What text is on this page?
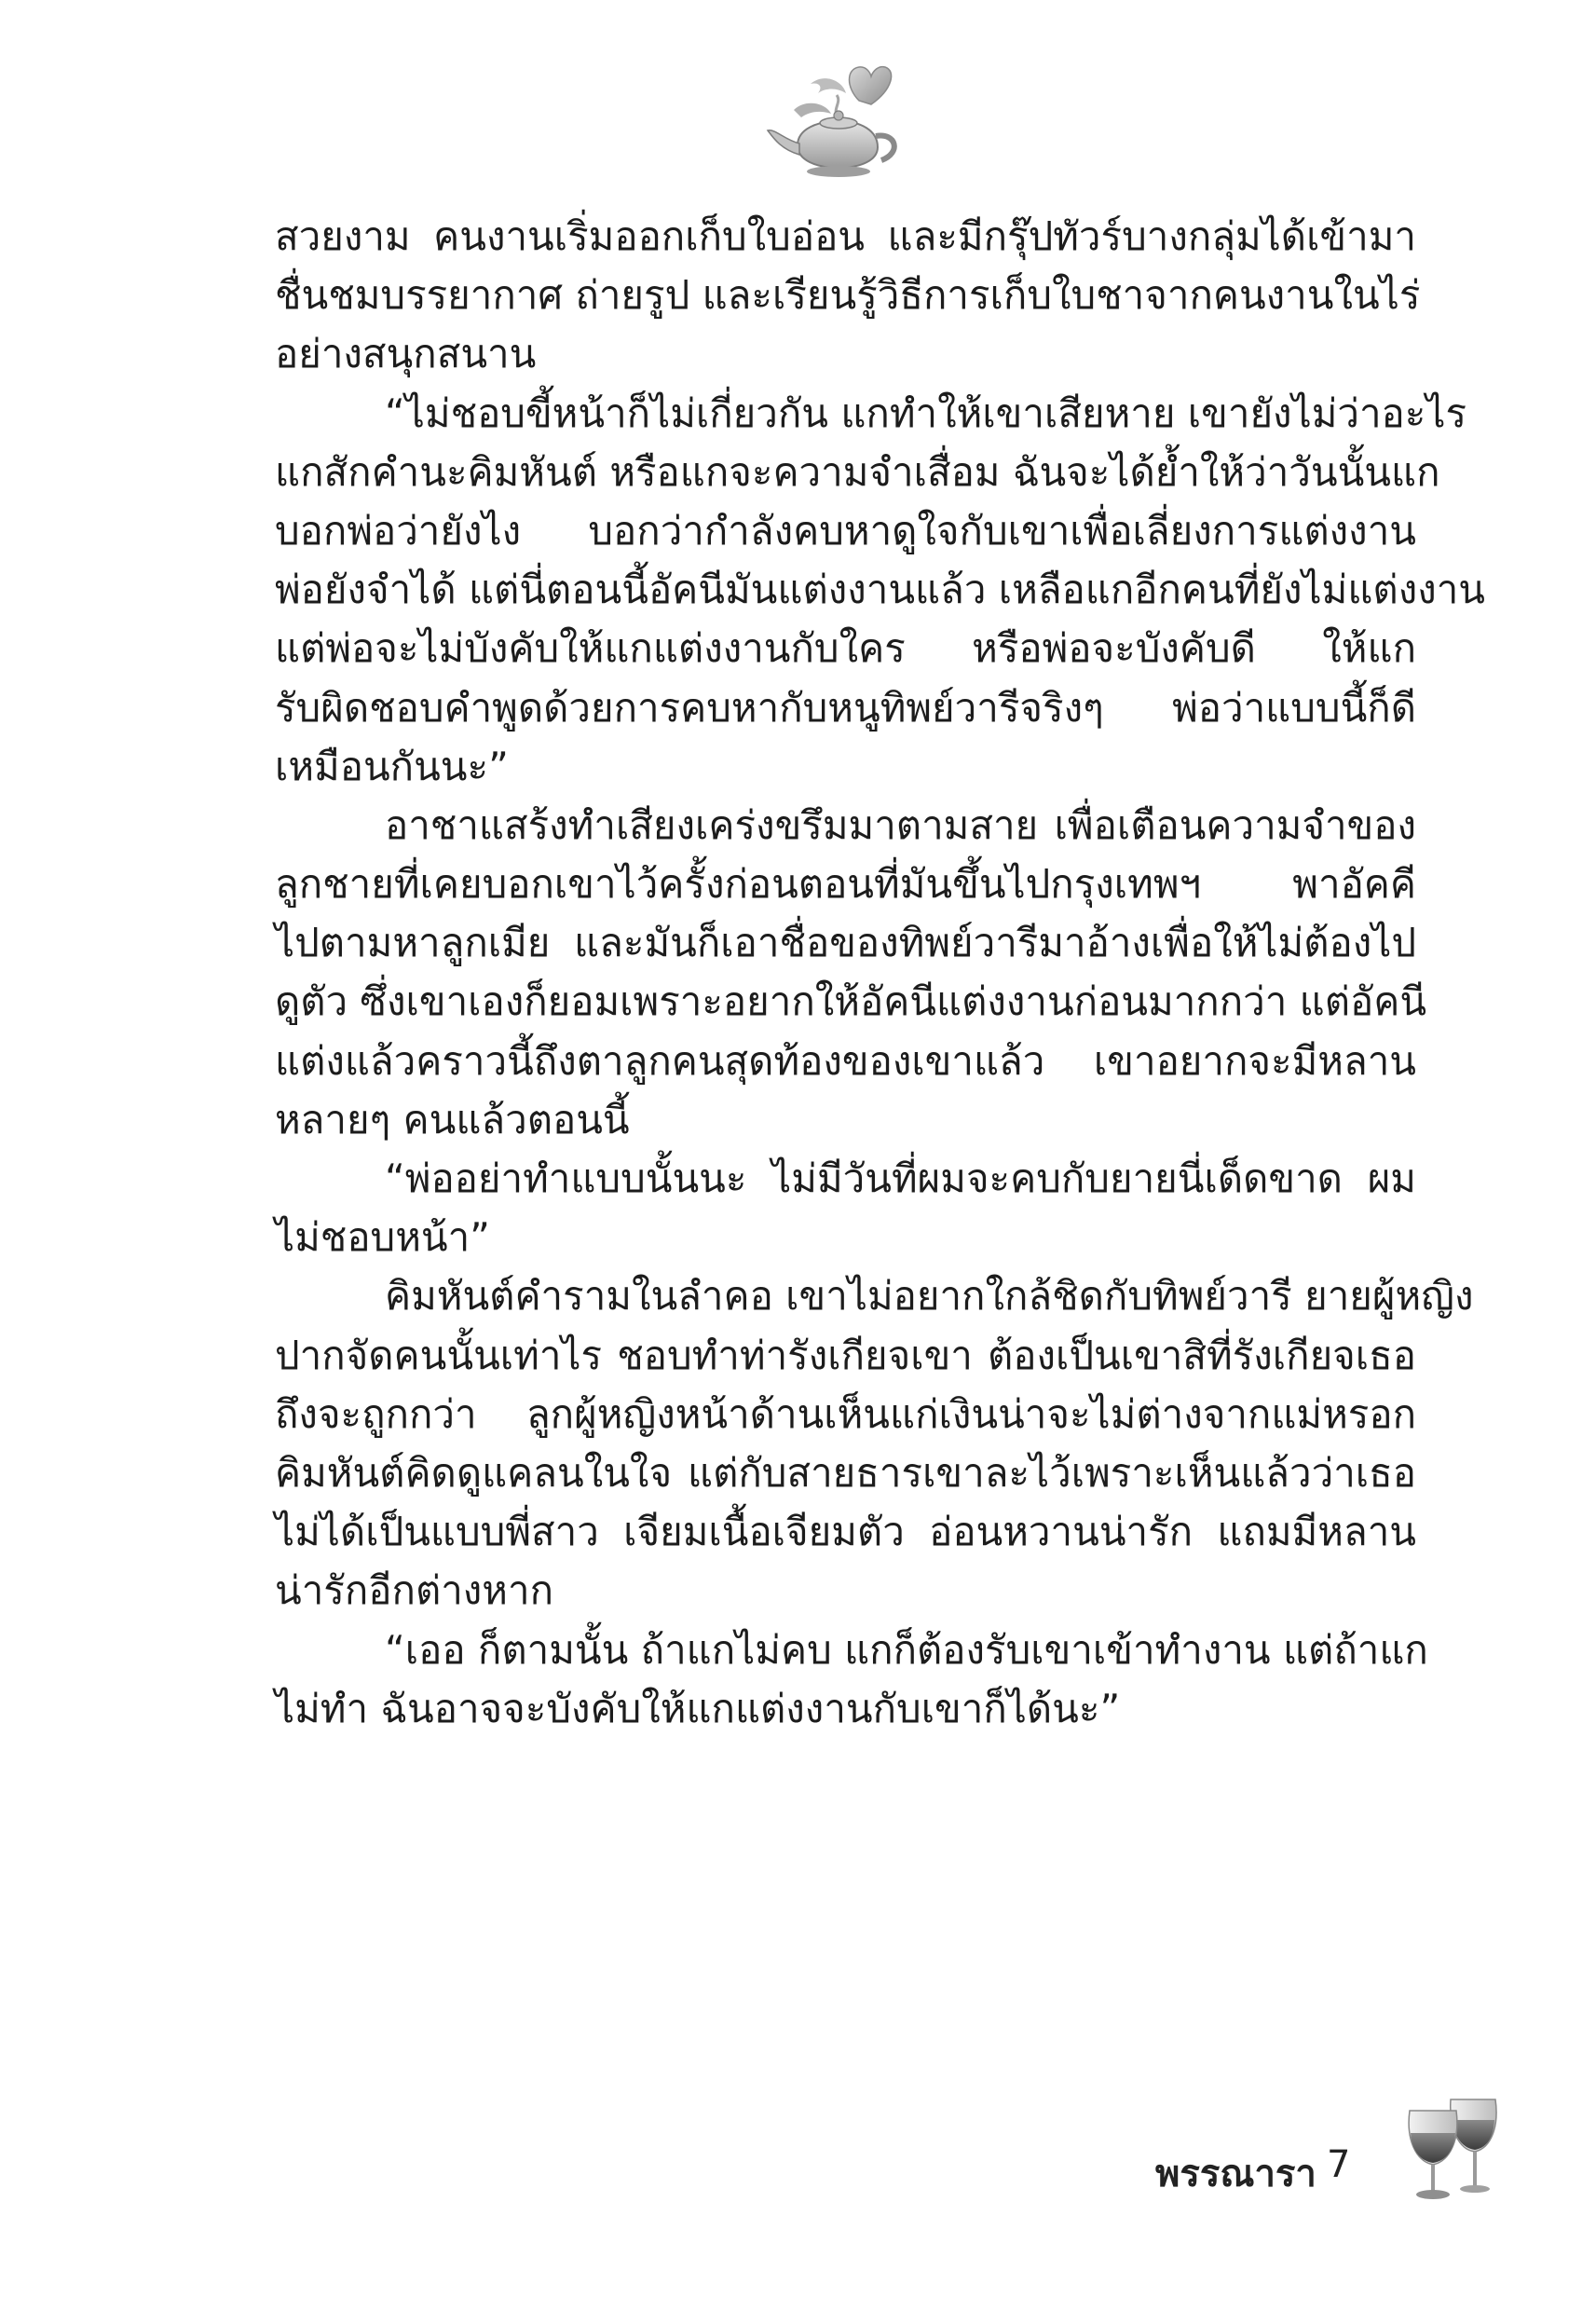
สวยงาม คนงานเริ่มออกเก็บใบอ่อน และมีกรุ๊ปทัวร์บางกลุ่มได้เข้ามา
ชื่นชมบรรยากาศ ถ่ายรูป และเรียนรู้วิธีการเก็บใบชาจากคนงานในไร่
อย่างสนุกสนาน
“ไม่ชอบขี้หน้าก็ไม่เกี่ยวกัน แกทำให้เขาเสียหาย เขายังไม่ว่าอะไร
แกสักคำนะคิมหันต์ หรือแกจะความจำเสื่อม ฉันจะได้ย้ำให้ว่าวันนั้นแก
บอกพ่อว่ายังไง บอกว่ากำลังคบหาดูใจกับเขาเพื่อเลี่ยงการแต่งงาน
พ่อยังจำได้ แต่นี่ตอนนี้อัคนีมันแต่งงานแล้ว เหลือแกอีกคนที่ยังไม่แต่งงาน
แต่พ่อจะไม่บังคับให้แกแต่งงานกับใคร หรือพ่อจะบังคับดี ให้แก
รับผิดชอบคำพูดด้วยการคบหากับหนูทิพย์วารีจริงๆ พ่อว่าแบบนี้ก็ดี
เหมือนกันนะ”
อาชาแสร้งทำเสียงเคร่งขรึมมาตามสาย เพื่อเตือนความจำของ
ลูกชายที่เคยบอกเขาไว้ครั้งก่อนตอนที่มันขึ้นไปกรุงเทพฯ พาอัคคี
ไปตามหาลูกเมีย และมันก็เอาชื่อของทิพย์วารีมาอ้างเพื่อให้ไม่ต้องไป
ดูตัว ซึ่งเขาเองก็ยอมเพราะอยากให้อัคนีแต่งงานก่อนมากกว่า แต่อัคนี
แต่งแล้วคราวนี้ถึงตาลูกคนสุดท้องของเขาแล้ว เขาอยากจะมีหลาน
หลายๆ คนแล้วตอนนี้
“พ่ออย่าทำแบบนั้นนะ ไม่มีวันที่ผมจะคบกับยายนี่เด็ดขาด ผม
ไม่ชอบหน้า”
คิมหันต์คำรามในลำคอ เขาไม่อยากใกล้ชิดกับทิพย์วารี ยายผู้หญิง
ปากจัดคนนั้นเท่าไร ชอบทำท่ารังเกียจเขา ต้องเป็นเขาสิที่รังเกียจเธอ
ถึงจะถูกกว่า ลูกผู้หญิงหน้าด้านเห็นแก่เงินน่าจะไม่ต่างจากแม่หรอก
คิมหันต์คิดดูแคลนในใจ แต่กับสายธารเขาละไว้เพราะเห็นแล้วว่าเธอ
ไม่ได้เป็นแบบพี่สาว เจียมเนื้อเจียมตัว อ่อนหวานน่ารัก แถมมีหลาน
น่ารักอีกต่างหาก
“เออ ก็ตามนั้น ถ้าแกไม่คบ แกก็ต้องรับเขาเข้าทำงาน แต่ถ้าแก
ไม่ทำ ฉันอาจจะบังคับให้แกแต่งงานกับเขาก็ได้นะ”
พรรณารา 7
